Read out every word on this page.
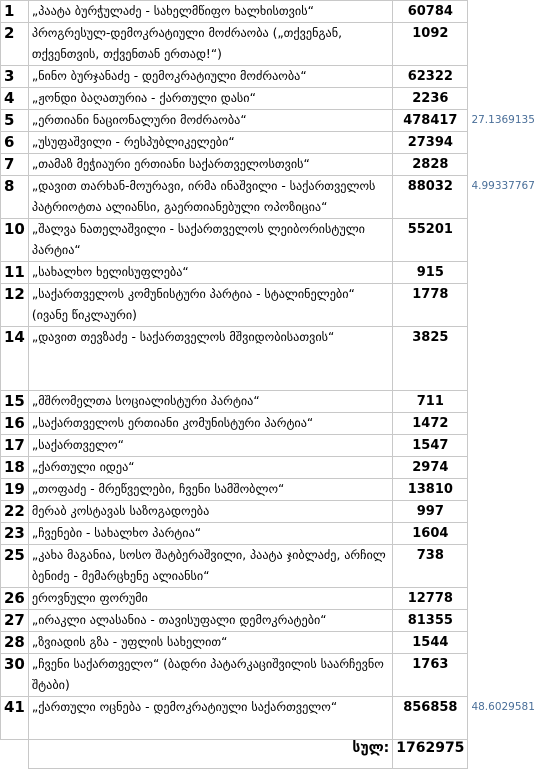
1	„პაატა ბურჭულაძე - სახელმწიფო ხალხისთვის“	60784	
2	პროგრესულ-დემოკრატიული მოძრაობა („თქვენგან, თქვენთვის, თქვენთან ერთად!“)	1092	
3	„ნინო ბურჯანაძე - დემოკრატიული მოძრაობა“	62322	
4	„ჟონდი ბაღათურია - ქართული დასი“	2236	
5	„ერთიანი ნაციონალური მოძრაობა“	478417	27.1369135
6	„უსუფაშვილი - რესპუბლიკელები“	27394	
7	„თამაზ მეჭიაური ერთიანი საქართველოსთვის“	2828	
8	„დავით თარხან-მოურავი, ირმა ინაშვილი - საქართველოს პატრიოტთა ალიანსი, გაერთიანებული ოპოზიცია“	88032	4.99337767
10	„შალვა ნათელაშვილი - საქართველოს ლეიბორისტული პარტია“	55201	
11	„სახალხო ხელისუფლება“	915	
12	„საქართველოს კომუნისტური პარტია - სტალინელები“ (ივანე წიკლაური)	1778	
14	„დავით თევზაძე - საქართველოს მშვიდობისათვის“	3825	
15	„მშრომელთა სოციალისტური პარტია“	711	
16	„საქართველოს ერთიანი კომუნისტური პარტია“	1472	
17	„საქართველო“	1547	
18	„ქართული იდეა“	2974	
19	„თოფაძე - მრეწველები, ჩვენი სამშობლო“	13810	
22	მერაბ კოსტავას საზოგადოება	997	
23	„ჩვენები - სახალხო პარტია“	1604	
25	„კახა მაგანია, სოსო შატბერაშვილი, პაატა ჯიბლაძე, არჩილ ბენიძე - მემარცხენე ალიანსი“	738	
26	ეროვნული ფორუმი	12778	
27	„ირაკლი ალასანია - თავისუფალი დემოკრატები“	81355	
28	„ზვიადის გზა - უფლის სახელით“	1544	
30	„ჩვენი საქართველო“ (ბადრი პატარკაციშვილის საარჩევნო შტაბი)	1763	
41	„ქართული ოცნება - დემოკრატიული საქართველო“	856858	48.6029581
	სულ:	1762975	
